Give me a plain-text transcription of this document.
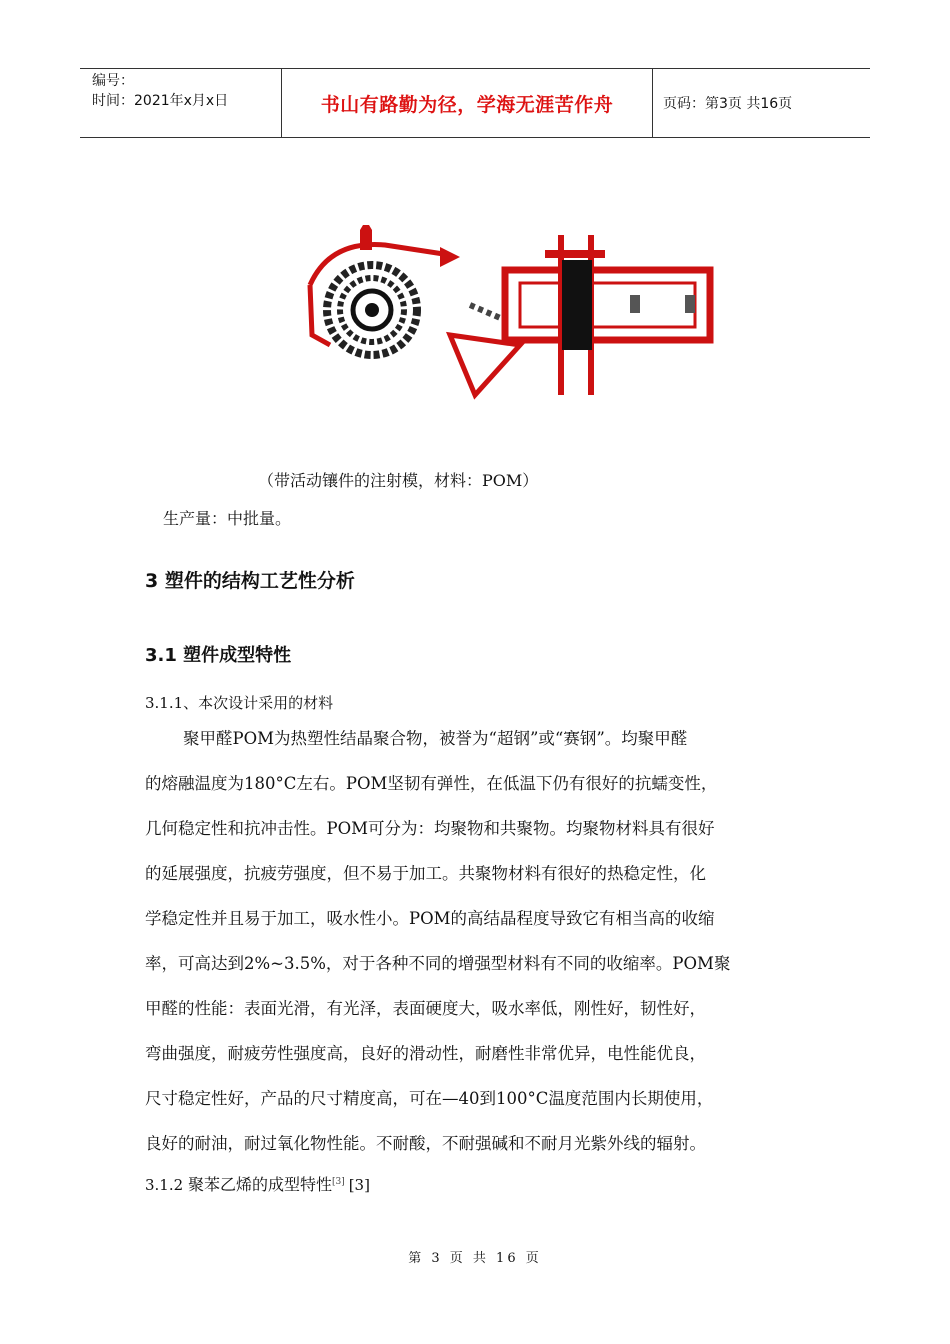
编号：
时间：2021年x月x日	书山有路勤为径，学海无涯苦作舟	页码：第3页 共16页
（带活动镶件的注射模，材料：POM）
生产量：中批量。
3 塑件的结构工艺性分析
3.1 塑件成型特性
3.1.1、本次设计采用的材料
聚甲醛POM为热塑性结晶聚合物，被誉为“超钢”或“赛钢”。均聚甲醛
的熔融温度为180°C左右。POM坚韧有弹性，在低温下仍有很好的抗蠕变性，
几何稳定性和抗冲击性。POM可分为：均聚物和共聚物。均聚物材料具有很好
的延展强度，抗疲劳强度，但不易于加工。共聚物材料有很好的热稳定性，化
学稳定性并且易于加工，吸水性小。POM的高结晶程度导致它有相当高的收缩
率，可高达到2%~3.5%，对于各种不同的增强型材料有不同的收缩率。POM聚
甲醛的性能：表面光滑，有光泽，表面硬度大，吸水率低，刚性好，韧性好，
弯曲强度，耐疲劳性强度高，良好的滑动性，耐磨性非常优异，电性能优良，
尺寸稳定性好，产品的尺寸精度高，可在—40到100°C温度范围内长期使用，
良好的耐油，耐过氧化物性能。不耐酸，不耐强碱和不耐月光紫外线的辐射。
3.1.2 聚苯乙烯的成型特性[3] [3]
第 3 页 共 16 页
